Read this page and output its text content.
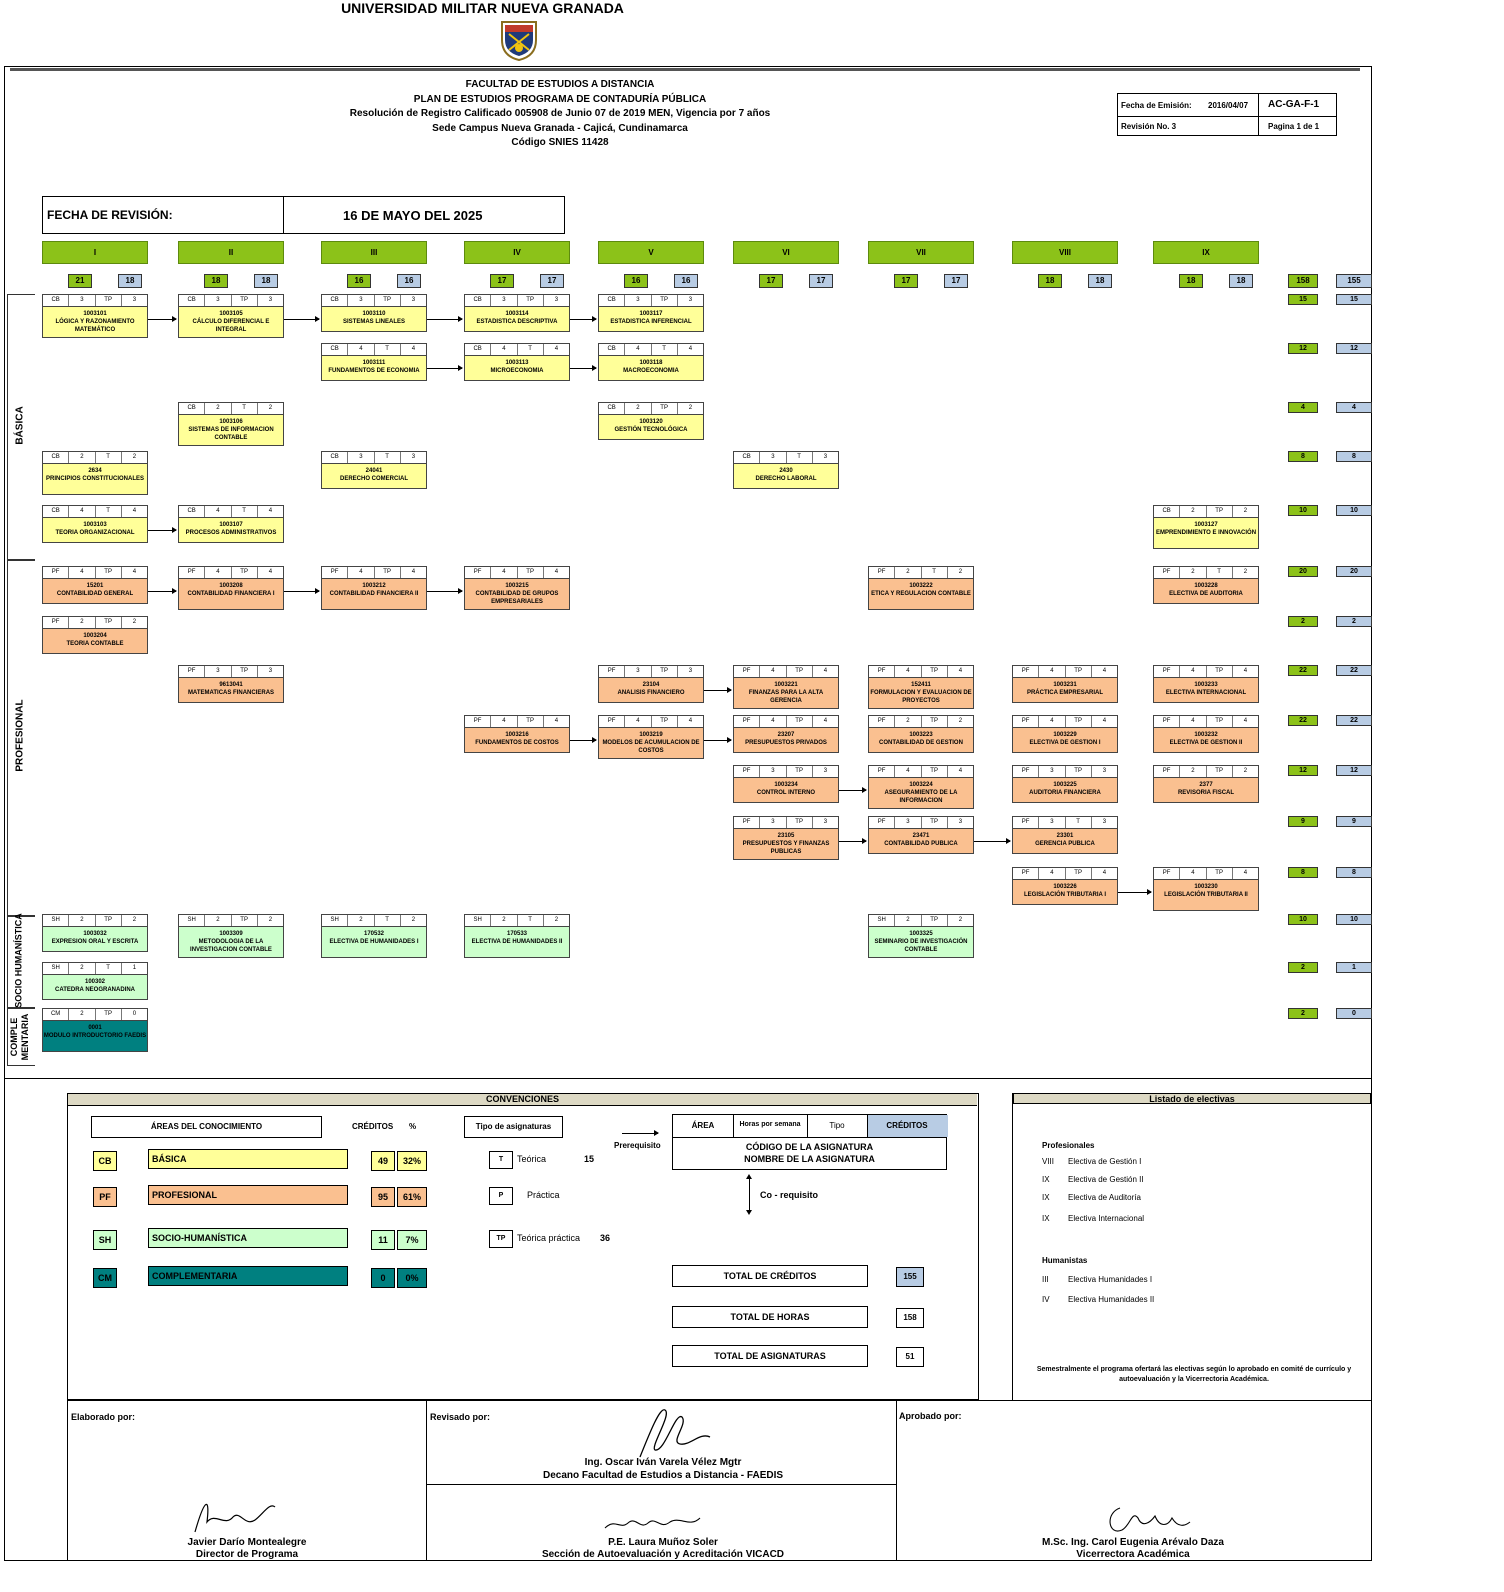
UNIVERSIDAD MILITAR NUEVA GRANADA
FACULTAD DE ESTUDIOS A DISTANCIA
PLAN DE ESTUDIOS PROGRAMA DE CONTADURÍA PÚBLICA
Resolución de Registro Calificado 005908 de Junio 07 de 2019 MEN, Vigencia por 7 años
Sede Campus Nueva Granada - Cajicá, Cundinamarca
Código SNIES 11428
Fecha de Emisión: 2016/04/07 AC-GA-F-1
Revisión No. 3	Pagina 1 de 1
FECHA DE REVISIÓN:	16 DE MAYO DEL 2025
I
21	18
II
18	18
III
16	16
IV
17	17
V
16	16
VI
17	17
VII
17	17
VIII
18	18
IX
18	18	158	155
15	15
12	12
4	4
8	8
10	10
20	20
2	2
22	22
22	22
12	12
9	9
8	8
10	10
2	1
2	0
CB	3	TP	3
1003101
LÓGICA Y RAZONAMIENTO MATEMÁTICO
CB	3	TP	3
1003105
CÁLCULO DIFERENCIAL E INTEGRAL
CB	3	TP	3
1003110
SISTEMAS LINEALES
CB	3	TP	3
1003114
ESTADISTICA DESCRIPTIVA
CB	3	TP	3
1003117
ESTADISTICA INFERENCIAL
CB	4	T	4
1003111
FUNDAMENTOS DE ECONOMIA
CB	4	T	4
1003113
MICROECONOMIA
CB	4	T	4
1003118
MACROECONOMIA
CB	2	T	2
1003106
SISTEMAS DE INFORMACION CONTABLE
CB	2	TP	2
1003120
GESTIÓN TECNOLÓGICA
CB	2	T	2
2634
PRINCIPIOS CONSTITUCIONALES
CB	3	T	3
24041
DERECHO COMERCIAL
CB	3	T	3
2430
DERECHO LABORAL
CB	4	T	4
1003103
TEORIA ORGANIZACIONAL
CB	4	T	4
1003107
PROCESOS ADMINISTRATIVOS
CB	2	TP	2
1003127
EMPRENDIMIENTO E INNOVACIÓN
PF	4	TP	4
15201
CONTABILIDAD GENERAL
PF	4	TP	4
1003208
CONTABILIDAD FINANCIERA I
PF	4	TP	4
1003212
CONTABILIDAD FINANCIERA II
PF	4	TP	4
1003215
CONTABILIDAD DE GRUPOS EMPRESARIALES
PF	2	T	2
1003222
ETICA Y REGULACION CONTABLE
PF	2	T	2
1003228
ELECTIVA DE AUDITORIA
PF	2	TP	2
1003204
TEORIA CONTABLE
PF	3	TP	3
9613041
MATEMATICAS FINANCIERAS
PF	3	TP	3
23104
ANALISIS FINANCIERO
PF	4	TP	4
1003221
FINANZAS PARA LA ALTA GERENCIA
PF	4	TP	4
152411
FORMULACION Y EVALUACION DE PROYECTOS
PF	4	TP	4
1003231
PRÁCTICA EMPRESARIAL
PF	4	TP	4
1003233
ELECTIVA INTERNACIONAL
PF	4	TP	4
1003216
FUNDAMENTOS DE COSTOS
PF	4	TP	4
1003219
MODELOS DE ACUMULACION DE COSTOS
PF	4	TP	4
23207
PRESUPUESTOS PRIVADOS
PF	2	TP	2
1003223
CONTABILIDAD DE GESTION
PF	4	TP	4
1003229
ELECTIVA DE GESTION I
PF	4	TP	4
1003232
ELECTIVA DE GESTION II
PF	3	TP	3
1003234
CONTROL INTERNO
PF	4	TP	4
1003224
ASEGURAMIENTO DE LA INFORMACION
PF	3	TP	3
1003225
AUDITORIA FINANCIERA
PF	2	TP	2
2377
REVISORIA FISCAL
PF	3	TP	3
23105
PRESUPUESTOS Y FINANZAS PUBLICAS
PF	3	TP	3
23471
CONTABILIDAD PUBLICA
PF	3	T	3
23301
GERENCIA PUBLICA
PF	4	TP	4
1003226
LEGISLACIÓN TRIBUTARIA I
PF	4	TP	4
1003230
LEGISLACIÓN TRIBUTARIA II
SH	2	TP	2
1003032
EXPRESION ORAL Y ESCRITA
SH	2	TP	2
1003309
METODOLOGIA DE LA INVESTIGACION CONTABLE
SH	2	T	2
170532
ELECTIVA DE HUMANIDADES I
SH	2	T	2
170533
ELECTIVA DE HUMANIDADES II
SH	2	TP	2
1003325
SEMINARIO DE INVESTIGACIÓN CONTABLE
SH	2	T	1
100302
CATEDRA NEOGRANADINA
CM	2	TP	0
0001
MODULO INTRODUCTORIO FAEDIS
BÁSICA
PROFESIONAL
SOCIO HUMANÍSTICA
COMPLE MENTARIA
CONVENCIONES
ÁREAS DEL CONOCIMIENTO	CRÉDITOS %	Tipo de asignaturas
CB	BÁSICA	49	32%
PF	PROFESIONAL	95	61%
SH	SOCIO-HUMANÍSTICA	11	7%
CM	COMPLEMENTARIA	0	0%
T	Teórica	15
P	Práctica
TP	Teórica práctica 36
Prerequisito
Co - requisito
ÁREA	Horas por semana	Tipo	CRÉDITOS
CÓDIGO DE LA ASIGNATURA
NOMBRE DE LA ASIGNATURA
TOTAL DE CRÉDITOS	155
TOTAL DE HORAS	158
TOTAL DE ASIGNATURAS	51
Listado de electivas
Profesionales
VIII Electiva de Gestión I
IX Electiva de Gestión II
IX Electiva de Auditoría
IX Electiva Internacional
Humanistas
III Electiva Humanidades I
IV Electiva Humanidades II
Semestralmente el programa ofertará las electivas según lo aprobado en comité de currículo y autoevaluación y la Vicerrectoria Académica.
Elaborado por:	Revisado por:	Aprobado por:
Ing. Oscar Iván Varela Vélez Mgtr
Decano Facultad de Estudios a Distancia - FAEDIS
Javier Darío Montealegre
Director de Programa
P.E. Laura Muñoz Soler
Sección de Autoevaluación y Acreditación VICACD
M.Sc. Ing. Carol Eugenia Arévalo Daza
Vicerrectora Académica
